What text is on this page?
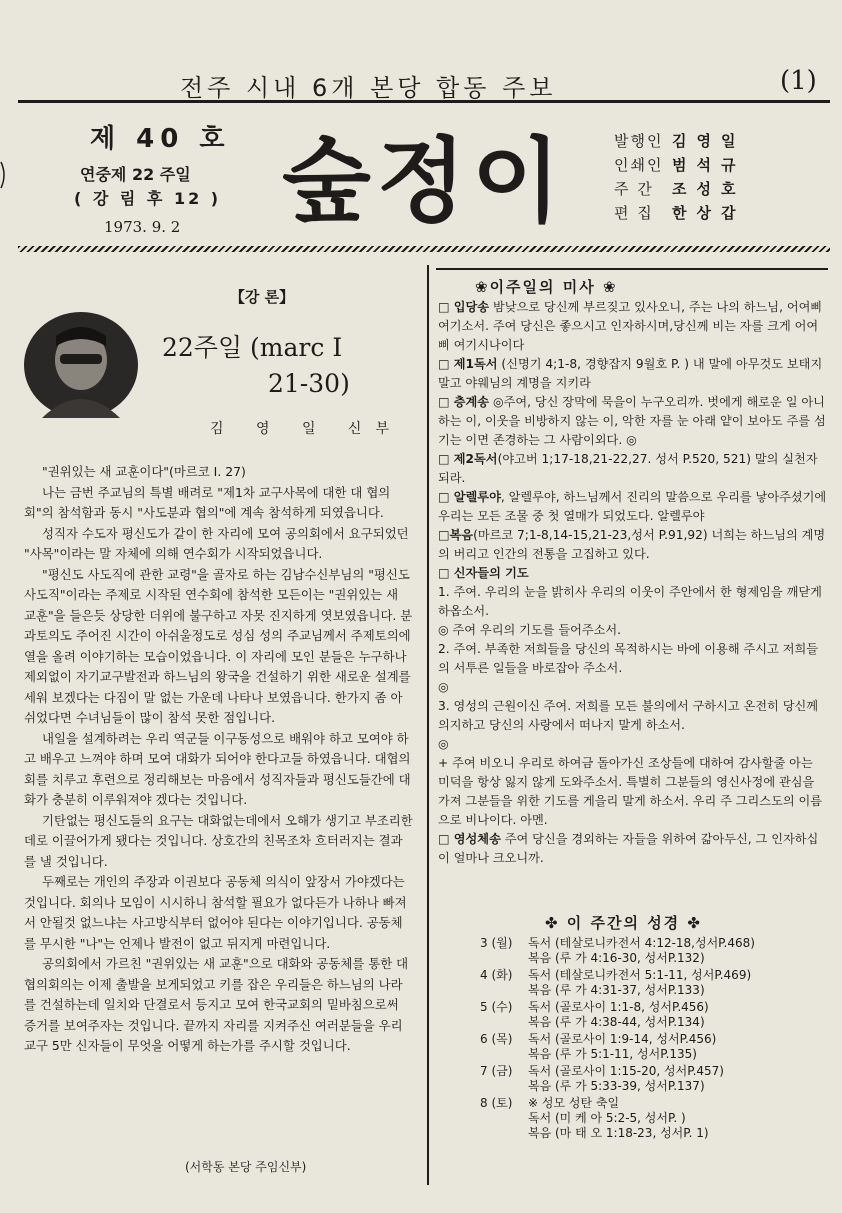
전주 시내 6개 본당 합동 주보	(1)
제 40 호
연중제 22 주일
( 강 림 후 12 )
1973. 9. 2 숲정이	발행인 김영일
인쇄인 범석규
주 간	조성호
편 집	한상갑
【강 론】
22주일 (marc Ⅰ
21-30)
김 영 일 신부

"권위있는 새 교훈이다"(마르코 Ⅰ. 27)

나는 금번 주교님의 특별 배려로 "제1차 교구사목에 대한 대 협의회"의 참석함과 동시 "사도분과 협의"에 계속 참석하게 되였읍니다.

성직자 수도자 평신도가 같이 한 자리에 모여 공의회에서 요구되었던 "사목"이라는 말 자체에 의해 연수회가 시작되었읍니다.

"평신도 사도직에 관한 교령"을 골자로 하는 김남수신부님의 "평신도 사도직"이라는 주제로 시작된 연수회에 참석한 모든이는 "권위있는 새 교훈"을 들은듯 상당한 더위에 불구하고 자못 진지하게 엿보였읍니다. 분과토의도 주어진 시간이 아쉬울정도로 성심 성의 주교님께서 주제토의에 열을 올려 이야기하는 모습이었읍니다. 이 자리에 모인 분들은 누구하나 제외없이 자기교구발전과 하느님의 왕국을 건설하기 위한 새로운 설계를 세워 보겠다는 다짐이 말 없는 가운데 나타나 보였읍니다. 한가지 좀 아쉬었다면 수녀님들이 많이 참석 못한 점입니다.

내일을 설계하려는 우리 역군들 이구동성으로 배워야 하고 모여야 하고 배우고 느껴야 하며 모여 대화가 되어야 한다고들 하였읍니다. 대협의회를 치루고 후련으로 정리해보는 마음에서 성직자들과 평신도들간에 대화가 충분히 이루워져야 겠다는 것입니다.

기탄없는 평신도들의 요구는 대화없는데에서 오해가 생기고 부조리한데로 이끌어가게 됐다는 것입니다. 상호간의 친목조차 흐터러지는 결과를 낼 것입니다.

두째로는 개인의 주장과 이권보다 공동체 의식이 앞장서 가야겠다는 것입니다. 회의나 모임이 시시하니 참석할 필요가 없다든가 나하나 빠져서 안될것 없느냐는 사고방식부터 없어야 된다는 이야기입니다. 공동체를 무시한 "나"는 언제나 발전이 없고 뒤지게 마련입니다.

공의회에서 가르친 "권위있는 새 교훈"으로 대화와 공동체를 통한 대협의회의는 이제 출발을 보게되었고 키를 잡은 우리들은 하느님의 나라를 건설하는데 일치와 단결로서 등지고 모여 한국교회의 밑바침으로써 증거를 보여주자는 것입니다. 끝까지 자리를 지켜주신 여러분들을 우리교구 5만 신자들이 무엇을 어떻게 하는가를 주시할 것입니다.

(서학동 본당 주임신부)
❀이주일의 미사 ❀

□ 입당송 밤낮으로 당신께 부르짖고 있사오니, 주는 나의 하느님, 어여삐 여기소서. 주여 당신은 좋으시고 인자하시며,당신께 비는 자를 크게 어여삐 여기시나이다

□ 제1독서 (신명기 4;1-8, 경향잡지 9월호 P. ) 내 말에 아무것도 보태지 말고 야웨님의 계명을 지키라

□ 층계송 ◎주여, 당신 장막에 묵을이 누구오리까. 벗에게 해로운 일 아니하는 이, 이웃을 비방하지 않는 이, 악한 자를 눈 아래 얕이 보아도 주를 섬기는 이면 존경하는 그 사람이외다. ◎

□ 제2독서(야고버 1;17-18,21-22,27. 성서 P.520, 521) 말의 실천자 되라.

□ 알렐루야, 알렐루야, 하느님께서 진리의 말씀으로 우리를 낳아주셨기에 우리는 모든 조물 중 첫 열매가 되었도다. 알렐루야

□복음(마르코 7;1-8,14-15,21-23,성서 P.91,92) 너희는 하느님의 계명의 버리고 인간의 전통을 고집하고 있다.

□ 신자들의 기도

1. 주여. 우리의 눈을 밝히사 우리의 이웃이 주안에서 한 형제임을 깨닫게 하옵소서.

◎ 주여 우리의 기도를 들어주소서.

2. 주여. 부족한 저희들을 당신의 목적하시는 바에 이용해 주시고 저희들의 서투른 일들을 바로잡아 주소서.

◎

3. 영성의 근원이신 주여. 저희를 모든 불의에서 구하시고 온전히 당신께 의지하고 당신의 사랑에서 떠나지 말게 하소서.

◎

+ 주여 비오니 우리로 하여금 돌아가신 조상들에 대하여 감사할줄 아는 미덕을 항상 잃지 않게 도와주소서. 특별히 그분들의 영신사정에 관심을 가져 그분들을 위한 기도를 게을리 말게 하소서. 우리 주 그리스도의 이름으로 비나이다. 아멘.

□ 영성체송 주여 당신을 경외하는 자들을 위하여 갊아두신, 그 인자하십이 얼마나 크오니까.

✤ 이 주간의 성경 ✤
3 (월)	독서 (테살로니카전서 4:12-18,성서P.468)
복음 (루 가 4:16-30, 성서P.132)
4 (화)	독서 (테살로니카전서 5:1-11, 성서P.469)
복음 (루 가 4:31-37, 성서P.133)
5 (수)	독서 (골로사이 1:1-8, 성서P.456)
복음 (루 가 4:38-44, 성서P.134)
6 (목)	독서 (골로사이 1:9-14, 성서P.456)
복음 (루 가 5:1-11, 성서P.135)
7 (금)	독서 (골로사이 1:15-20, 성서P.457)
복음 (루 가 5:33-39, 성서P.137)
8 (토)	※ 성모 성탄 축일
독서 (미 케 아 5:2-5, 성서P. )
복음 (마 태 오 1:18-23, 성서P. 1)
